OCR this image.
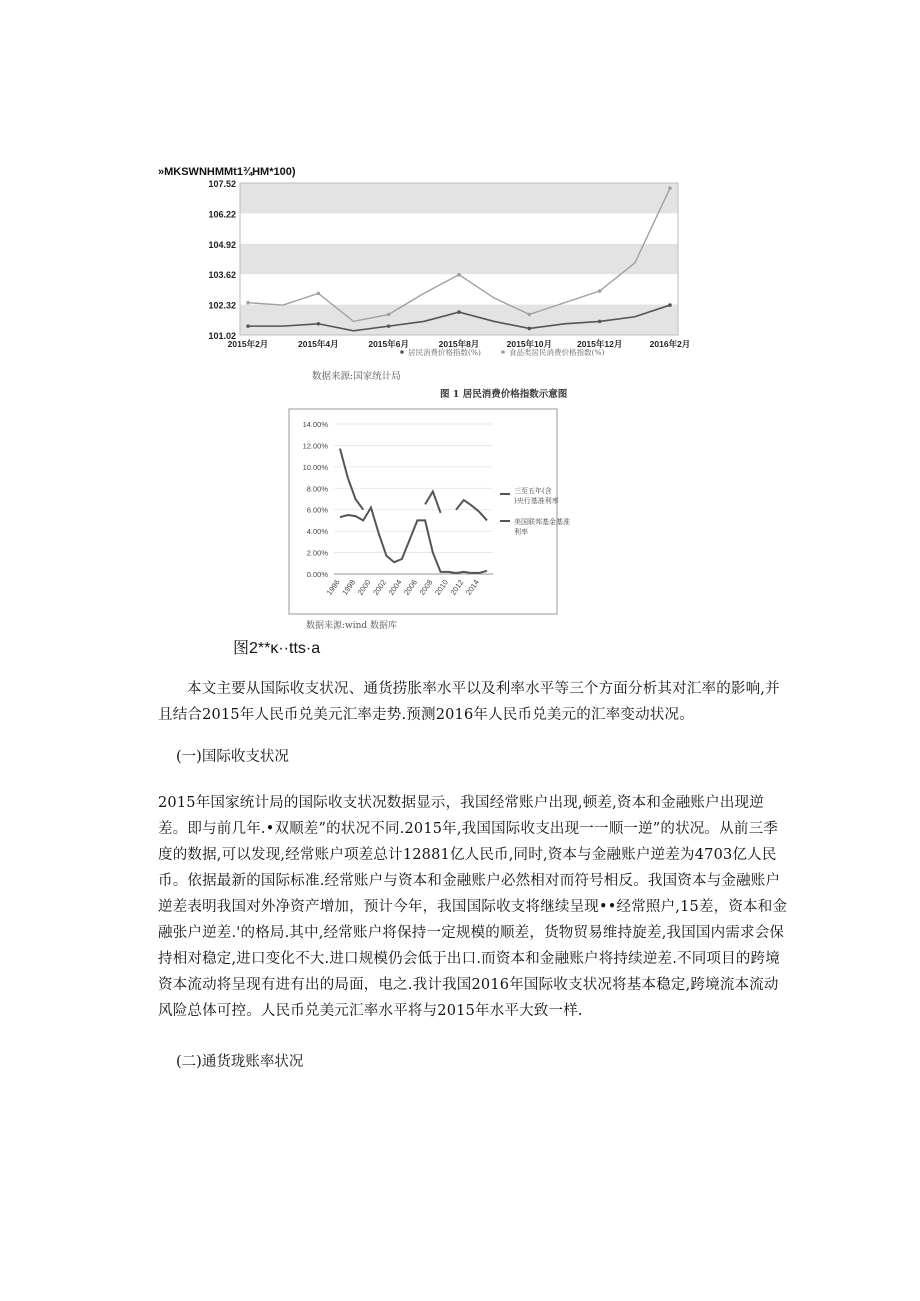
»MKSWNHMMt1¾HM*100)
101.02
102.32
103.62
104.92
106.22
107.52
2015年2月	2015年4月	2015年6月	2015年8月	2015年10月	2015年12月	2016年2月
居民消费价格指数(%)	食品类居民消费价格指数(%)
数据来源:国家统计局
图 1 居民消费价格指数示意图
0.00%
2.00%
4.00%
6.00%
8.00%
10.00%
12.00%
14.00%
1996
1998
2000
2002
2004
2006
2008
2010
2012
2014
三至五年(含
)央行基准利率
美国联邦基金基准
利率
数据来源:wind 数据库
图2**κ··tts·a
本文主要从国际收支状况、通货捞胀率水平以及利率水平等三个方面分析其对汇率的影响,并且结合2015年人民币兑美元汇率走势.预测2016年人民币兑美元的汇率变动状况。
(一)国际收支状况
2015年国家统计局的国际收支状况数据显示，我国经常账户出现,顿差,资本和金融账户出现逆差。即与前几年.•双顺差”的状况不同.2015年,我国国际收支出现一一顺一逆”的状况。从前三季度的数据,可以发现,经常账户项差总计12881亿人民币,同时,资本与金融账户逆差为4703亿人民币。依据最新的国际标准.经常账户与资本和金融账户必然相对而符号相反。我国资本与金融账户逆差表明我国对外净资产增加，预计今年，我国国际收支将继续呈现••经常照户,15差，资本和金融张户逆差.'的格局.其中,经常账户将保持一定规模的顺差，货物贸易维持旋差,我国国内需求会保持相对稳定,进口变化不大.进口规模仍会低于出口.而资本和金融账户将持续逆差.不同项目的跨境资本流动将呈现有进有出的局面，电之.我计我国2016年国际收支状况将基本稳定,跨境流本流动风险总体可控。人民币兑美元汇率水平将与2015年水平大致一样.
(二)通货珑账率状况
